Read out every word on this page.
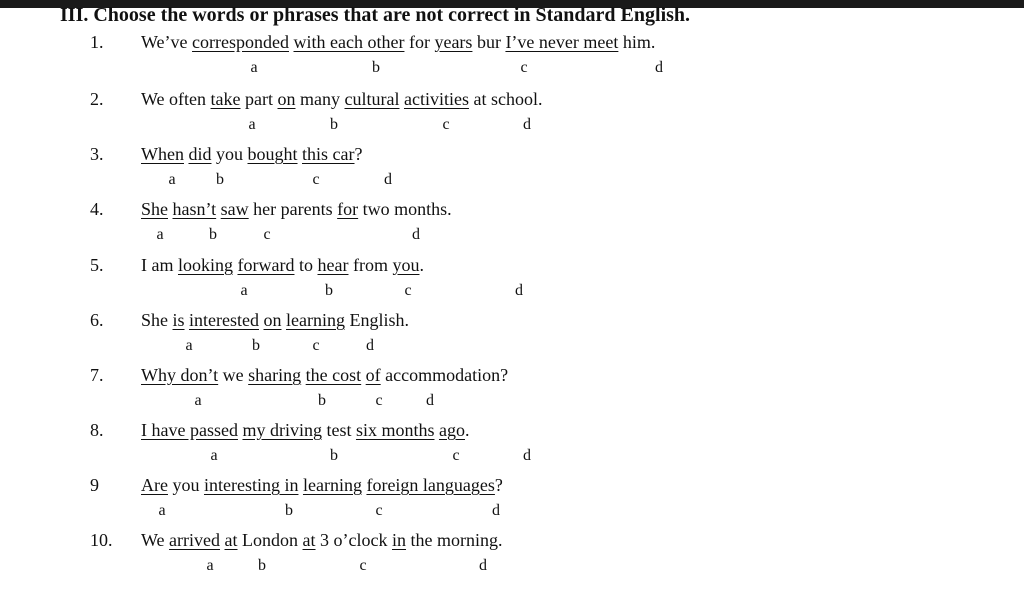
III. Choose the words or phrases that are not correct in Standard English.
1. We’ve corresponded with each other for years bur I’ve never meet him.
a	b	c	d
2. We often take part on many cultural activities at school.
a	b	c	d
3. When did you bought this car?
a	b	c	d
4. She hasn’t saw her parents for two months.
a	b	c	d
5. I am looking forward to hear from you.
a	b	c	d
6. She is interested on learning English.
a	b	c	d
7. Why don’t we sharing the cost of accommodation?
a	b	c	d
8. I have passed my driving test six months ago.
a	b	c	d
9 Are you interesting in learning foreign languages?
a	b	c	d
10. We arrived at London at 3 o’clock in the morning.
a	b	c	d
